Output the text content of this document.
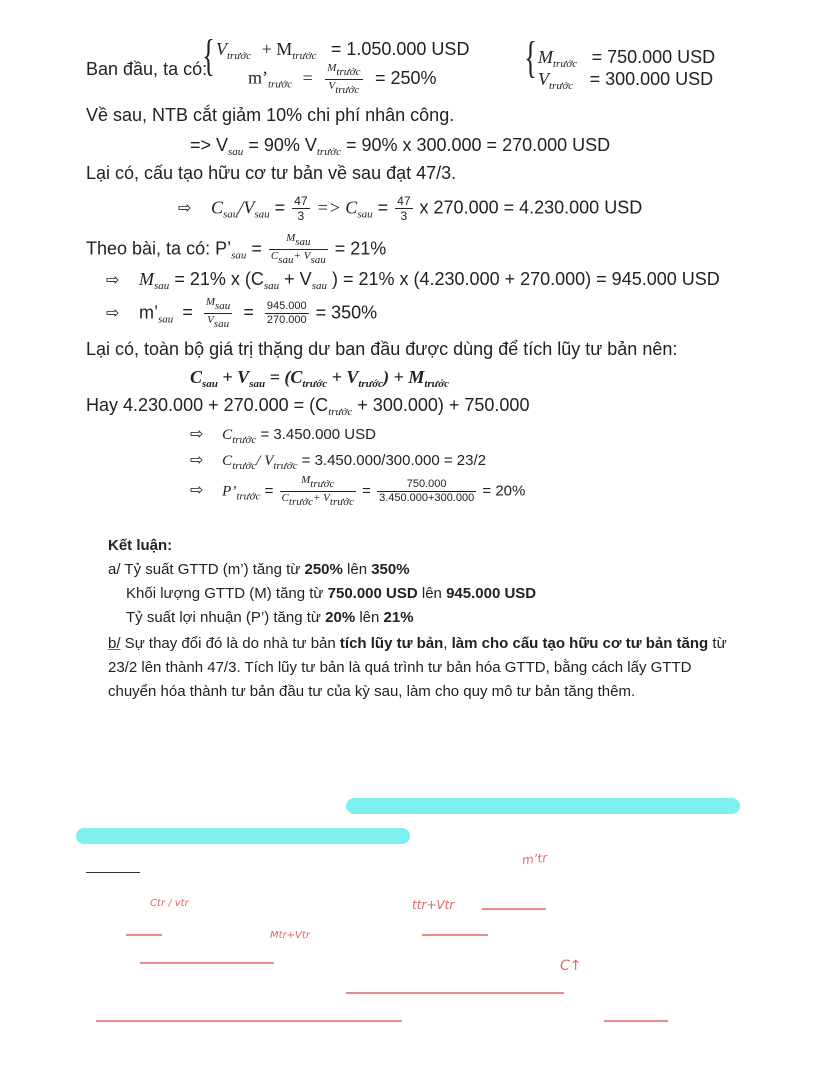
Ban đầu, ta có:
{ $V_{trước} + M_{trước} = 1.050.000$ USD
$m’_{trước} = \frac{M_{trước}}{V_{trước}} = 250\%$ { $M_{trước} = 750.000$ USD
$V_{trước} = 300.000$ USD
Về sau, NTB cắt giảm 10% chi phí nhân công.
=> $V_{sau} = 90\%$ $V_{trước} = 90\%$ x 300.000 = 270.000 USD
Lại có, cấu tạo hữu cơ tư bản về sau đạt 47/3.
⇨ $C_{sau}/V_{sau} = \frac{47}{3} => C_{sau} = \frac{47}{3}$ x 270.000 = 4.230.000 USD
Theo bài, ta có: $P’_{sau} = \frac{M_{sau}}{C_{sau}+ V_{sau}} = 21\%$
⇨ $M_{sau} = 21\%$ x ($C_{sau} + V_{sau}$ ) = 21% x (4.230.000 + 270.000) = 945.000 USD
⇨ $m’_{sau} = \frac{M_{sau}}{V_{sau}} = \frac{945.000}{270.000} = 350\%$
Lại có, toàn bộ giá trị thặng dư ban đầu được dùng để tích lũy tư bản nên:
$C_{sau} + V_{sau} = (C_{trước} + V_{trước}) + M_{trước}$
Hay $4.230.000 + 270.000 = (C_{trước} + 300.000) + 750.000$
⇨ $C_{trước} = 3.450.000$ USD
⇨ $C_{trước}/$ $V_{trước} = 3.450.000/300.000 = 23/2$
⇨ $P’_{trước} = \frac{M_{trước}}{C_{trước}+ V_{trước}} = \frac{750.000}{3.450.000+300.000} = 20\%$
Kết luận:
a/ Tỷ suất GTTD (m’) tăng từ 250% lên 350%
Khối lượng GTTD (M) tăng từ 750.000 USD lên 945.000 USD
Tỷ suất lợi nhuận (P’) tăng từ 20% lên 21%
b/ Sự thay đổi đó là do nhà tư bản tích lũy tư bản, làm cho cấu tạo hữu cơ tư bản tăng từ
23/2 lên thành 47/3. Tích lũy tư bản là quá trình tư bản hóa GTTD, bằng cách lấy GTTD
chuyển hóa thành tư bản đầu tư của kỳ sau, làm cho quy mô tư bản tăng thêm.
m’tr
Ctr / vtr	ttr+Vtr
Mtr+Vtr
C↑
